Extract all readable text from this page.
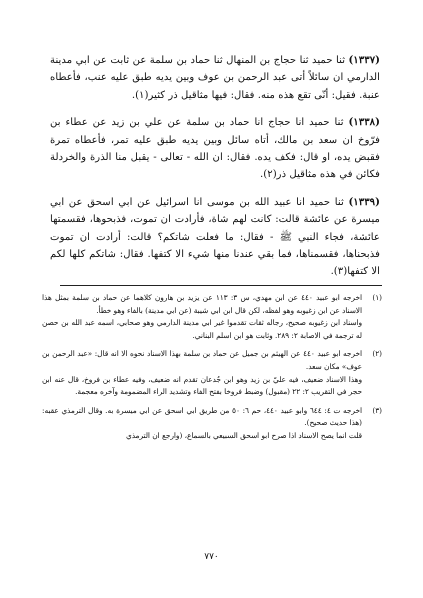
(١٣٣٧) ثنا حميد ثنا حجاج بن المنهال ثنا حماد بن سلمة عن ثابت عن ابي مدينة الدارمي ان سائلاً أتى عبد الرحمن بن عوف وبين يديه طبق عليه عنب، فأعطاه عنبة. فقيل: أنّى تقع هذه منه. فقال: فيها مثاقيل ذر كثير(١).

(١٣٣٨) ثنا حميد انا حجاج انا حماد بن سلمة عن علي بن زيد عن عطاء بن فرّوخ ان سعد بن مالك، أتاه سائل وبين يديه طبق عليه تمر، فأعطاه تمرة فقبض يده، او قال: فكف يده. فقال: ان الله - تعالى - يقبل منا الذرة والخردلة فكائن في هذه مثاقيل ذر(٢).

(١٣٣٩) ثنا حميد انا عبيد الله بن موسى انا اسرائيل عن ابي اسحق عن ابي ميسرة عن عائشة قالت: كانت لهم شاة، فأرادت ان تموت، فذبحوها، فقسمتها عائشة، فجاء النبي ﷺ - فقال: ما فعلت شاتكم؟ قالت: أرادت ان تموت فذبحناها، فقسمناها، فما بقي عندنا منها شيء الا كتفها. فقال: شاتكم كلها لكم الا كتفها(٣).

(١)

اخرجه ابو عبيد ٤٤٠ عن ابن مهدي، س ٣: ١١٣ عن يزيد بن هارون كلاهما عن حماد بن سلمة بمثل هذا الاسناد عن ابن زغيوبه وهو لفظه، لكن قال ابن ابي شيبة (عن ابي مدينة) بالفاء وهو خطأ.

واسناد ابن زغيوبه صحيح، رجاله ثقات تقدموا غير ابي مدينة الدارمي وهو صحابي، اسمه عبد الله بن حصن له ترجمة في الاصابة ٢: ٢٨٩. وثابت هو ابن اسلم البناني.

(٢)

اخرجه ابو عبيد ٤٤٠ عن الهيثم بن جميل عن حماد بن سلمة بهذا الاسناد نحوه الا انه قال: «عبد الرحمن بن عوف» مكان سعد.

وهذا الاسناد ضعيف، فيه عليّ بن زيد وهو ابن جُدعان تقدم انه ضعيف، وفيه عطاء بن فروخ، قال عنه ابن حجر في التقريب ٢: ٢٢ (مقبول) وضبط فروخا بفتح الفاء وتشديد الراء المضمومة وآخره معجمة.

(٣)

اخرجه ت ٤: ٦٤٤ وابو عبيد ٤٤٠، حم ٦: ٥٠ من طريق ابي اسحق عن ابي ميسرة به. وقال الترمذي عقبه: (هذا حديث صحيح).

قلت انما يصح الاسناد اذا صرح ابو اسحق السبيعي بالسماع، (وارجع ان الترمذي

٧٧٠
